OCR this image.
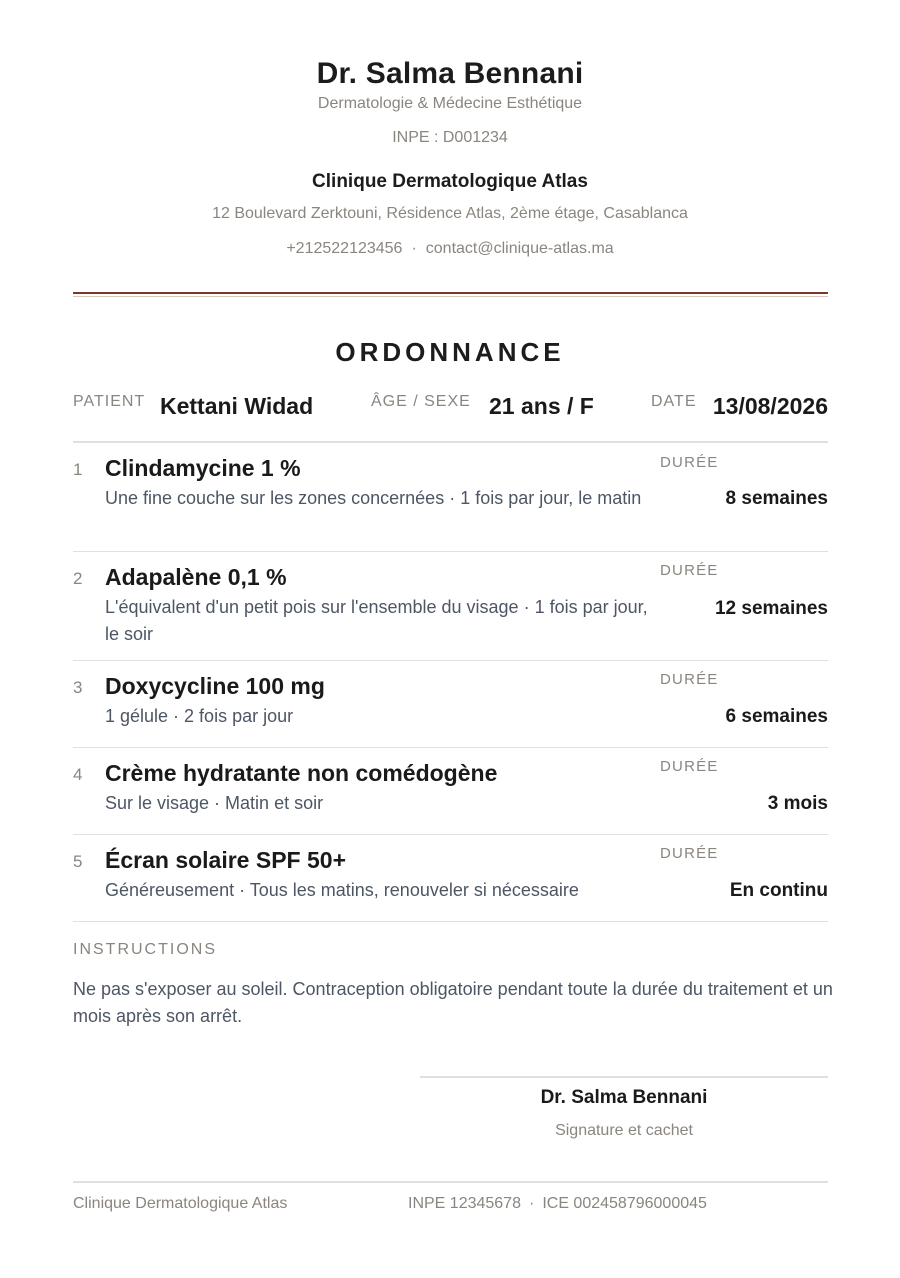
Dr. Salma Bennani
Dermatologie & Médecine Esthétique
INPE : D001234
Clinique Dermatologique Atlas
12 Boulevard Zerktouni, Résidence Atlas, 2ème étage, Casablanca
+212522123456 · contact@clinique-atlas.ma
ORDONNANCE
PATIENT Kettani Widad	ÂGE / SEXE 21 ans / F	DATE 13/08/2026
1 Clindamycine 1 %
Une fine couche sur les zones concernées · 1 fois par jour, le matin
DURÉE
8 semaines
2 Adapalène 0,1 %
L'équivalent d'un petit pois sur l'ensemble du visage · 1 fois par jour, le soir
DURÉE
12 semaines
3 Doxycycline 100 mg
1 gélule · 2 fois par jour
DURÉE
6 semaines
4 Crème hydratante non comédogène
Sur le visage · Matin et soir
DURÉE
3 mois
5 Écran solaire SPF 50+
Généreusement · Tous les matins, renouveler si nécessaire
DURÉE
En continu
INSTRUCTIONS
Ne pas s'exposer au soleil. Contraception obligatoire pendant toute la durée du traitement et un mois après son arrêt.
Dr. Salma Bennani
Signature et cachet
Clinique Dermatologique Atlas	INPE 12345678 · ICE 002458796000045
